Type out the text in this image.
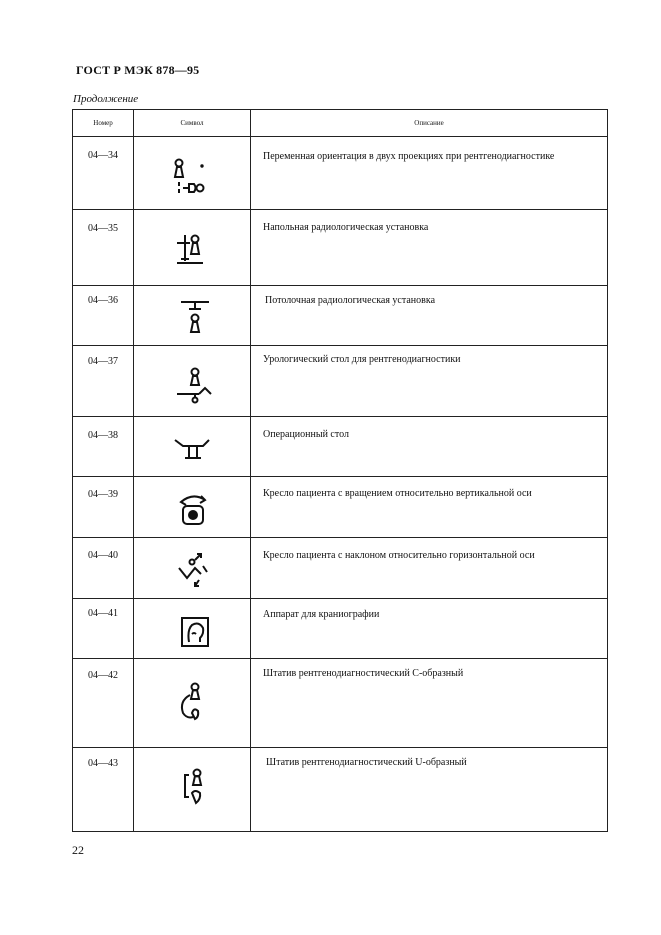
ГОСТ Р МЭК 878—95
Продолжение
Номер	Символ	Описание
04—34	Переменная ориентация в двух проекциях при рентгенодиагностике
04—35	Напольная радиологическая установка
04—36	Потолочная радиологическая установка
04—37	Урологический стол для рентгенодиагностики
04—38	Операционный стол
04—39	Кресло пациента с вращением относительно вертикальной оси
04—40	Кресло пациента с наклоном относительно горизонтальной оси
04—41	Аппарат для краниографии
04—42	Штатив рентгенодиагностический С-образный
04—43	Штатив рентгенодиагностический U-образный
22
